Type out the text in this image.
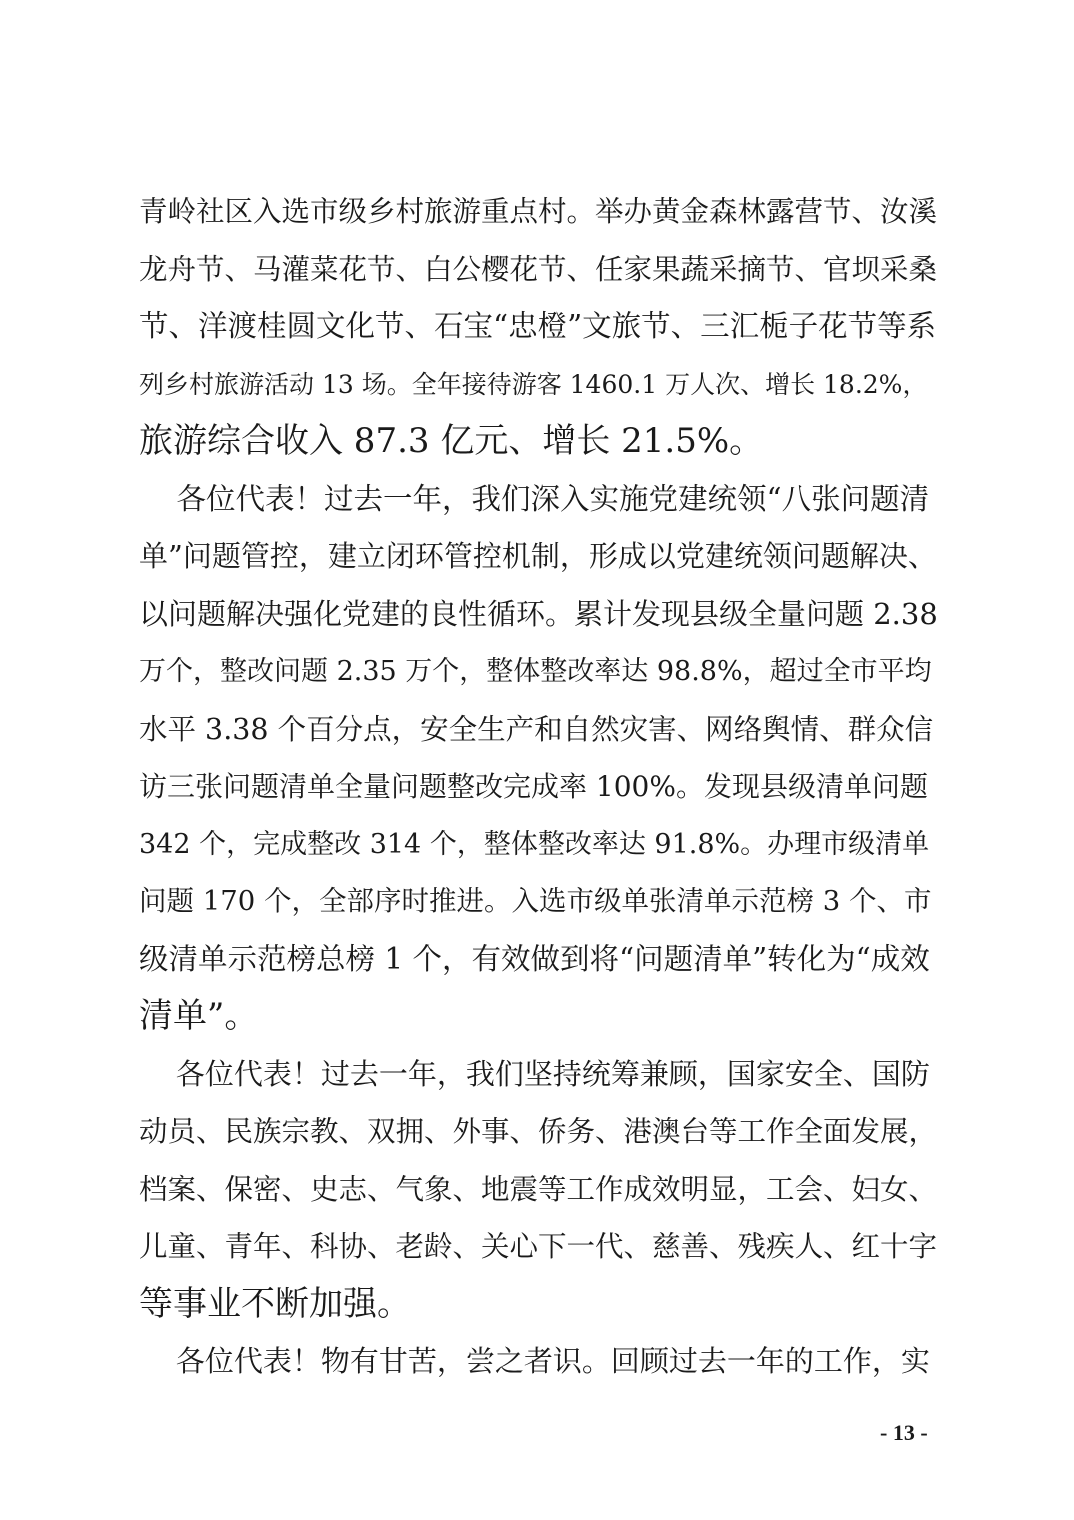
青岭社区入选市级乡村旅游重点村。举办黄金森林露营节、汝溪
龙舟节、马灌菜花节、白公樱花节、任家果蔬采摘节、官坝采桑
节、洋渡桂圆文化节、石宝“忠橙”文旅节、三汇栀子花节等系
列乡村旅游活动 13 场。全年接待游客 1460.1 万人次、增长 18.2%，
旅游综合收入 87.3 亿元、增长 21.5%。
各位代表！过去一年，我们深入实施党建统领“八张问题清
单”问题管控，建立闭环管控机制，形成以党建统领问题解决、
以问题解决强化党建的良性循环。累计发现县级全量问题 2.38
万个，整改问题 2.35 万个，整体整改率达 98.8%，超过全市平均
水平 3.38 个百分点，安全生产和自然灾害、网络舆情、群众信
访三张问题清单全量问题整改完成率 100%。发现县级清单问题
342 个，完成整改 314 个，整体整改率达 91.8%。办理市级清单
问题 170 个，全部序时推进。入选市级单张清单示范榜 3 个、市
级清单示范榜总榜 1 个，有效做到将“问题清单”转化为“成效
清单”。
各位代表！过去一年，我们坚持统筹兼顾，国家安全、国防
动员、民族宗教、双拥、外事、侨务、港澳台等工作全面发展，
档案、保密、史志、气象、地震等工作成效明显，工会、妇女、
儿童、青年、科协、老龄、关心下一代、慈善、残疾人、红十字
等事业不断加强。
各位代表！物有甘苦，尝之者识。回顾过去一年的工作，实
- 13 -
